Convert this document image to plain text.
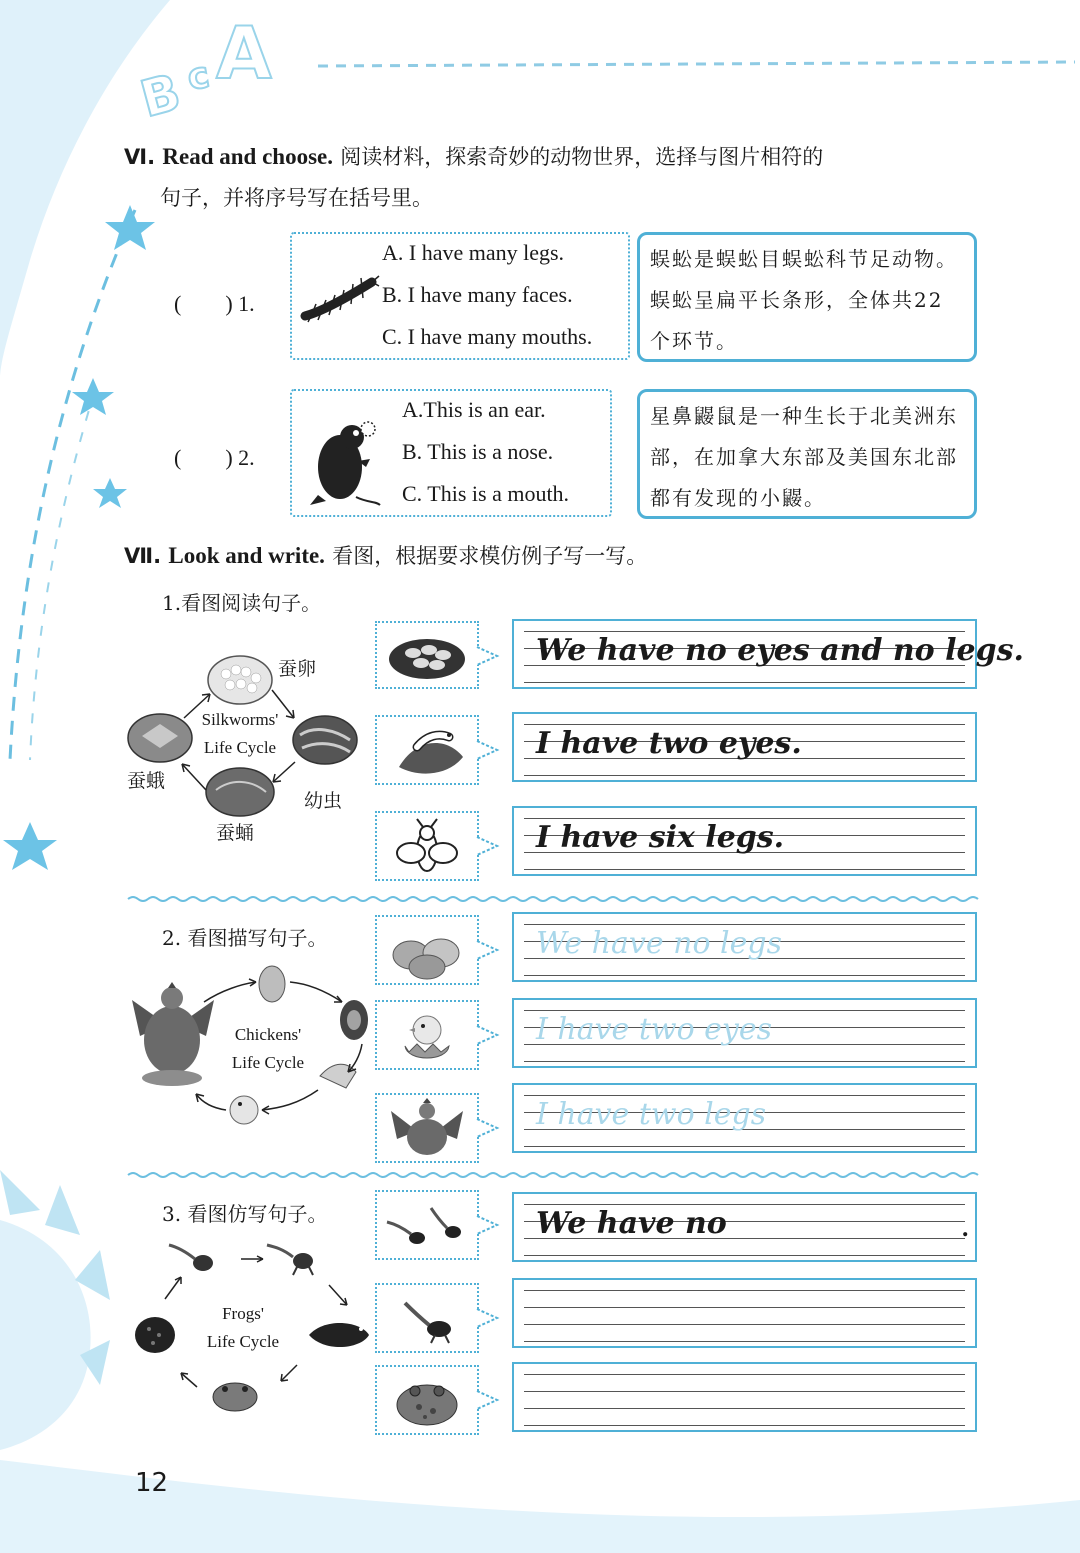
B
c A
Ⅵ. Read and choose. 阅读材料，探索奇妙的动物世界，选择与图片相符的
句子，并将序号写在括号里。
(　　) 1.
A. I have many legs.
B. I have many faces.
C. I have many mouths.
蜈蚣是蜈蚣目蜈蚣科节足动物。蜈蚣呈扁平长条形，全体共22个环节。
(　　) 2.
A.This is an ear.
B. This is a nose.
C. This is a mouth.
星鼻鼹鼠是一种生长于北美洲东部，在加拿大东部及美国东北部都有发现的小鼹。
Ⅶ. Look and write. 看图，根据要求模仿例子写一写。
1.看图阅读句子。
Silkworms'
Life Cycle
蚕卵
幼虫
蚕蛹
蚕蛾
We have no eyes and no legs.
I have two eyes.
I have six legs.
2. 看图描写句子。
Chickens'
Life Cycle
We have no legs
I have two eyes
I have two legs
3. 看图仿写句子。
Frogs'
Life Cycle
We have no	.
12
